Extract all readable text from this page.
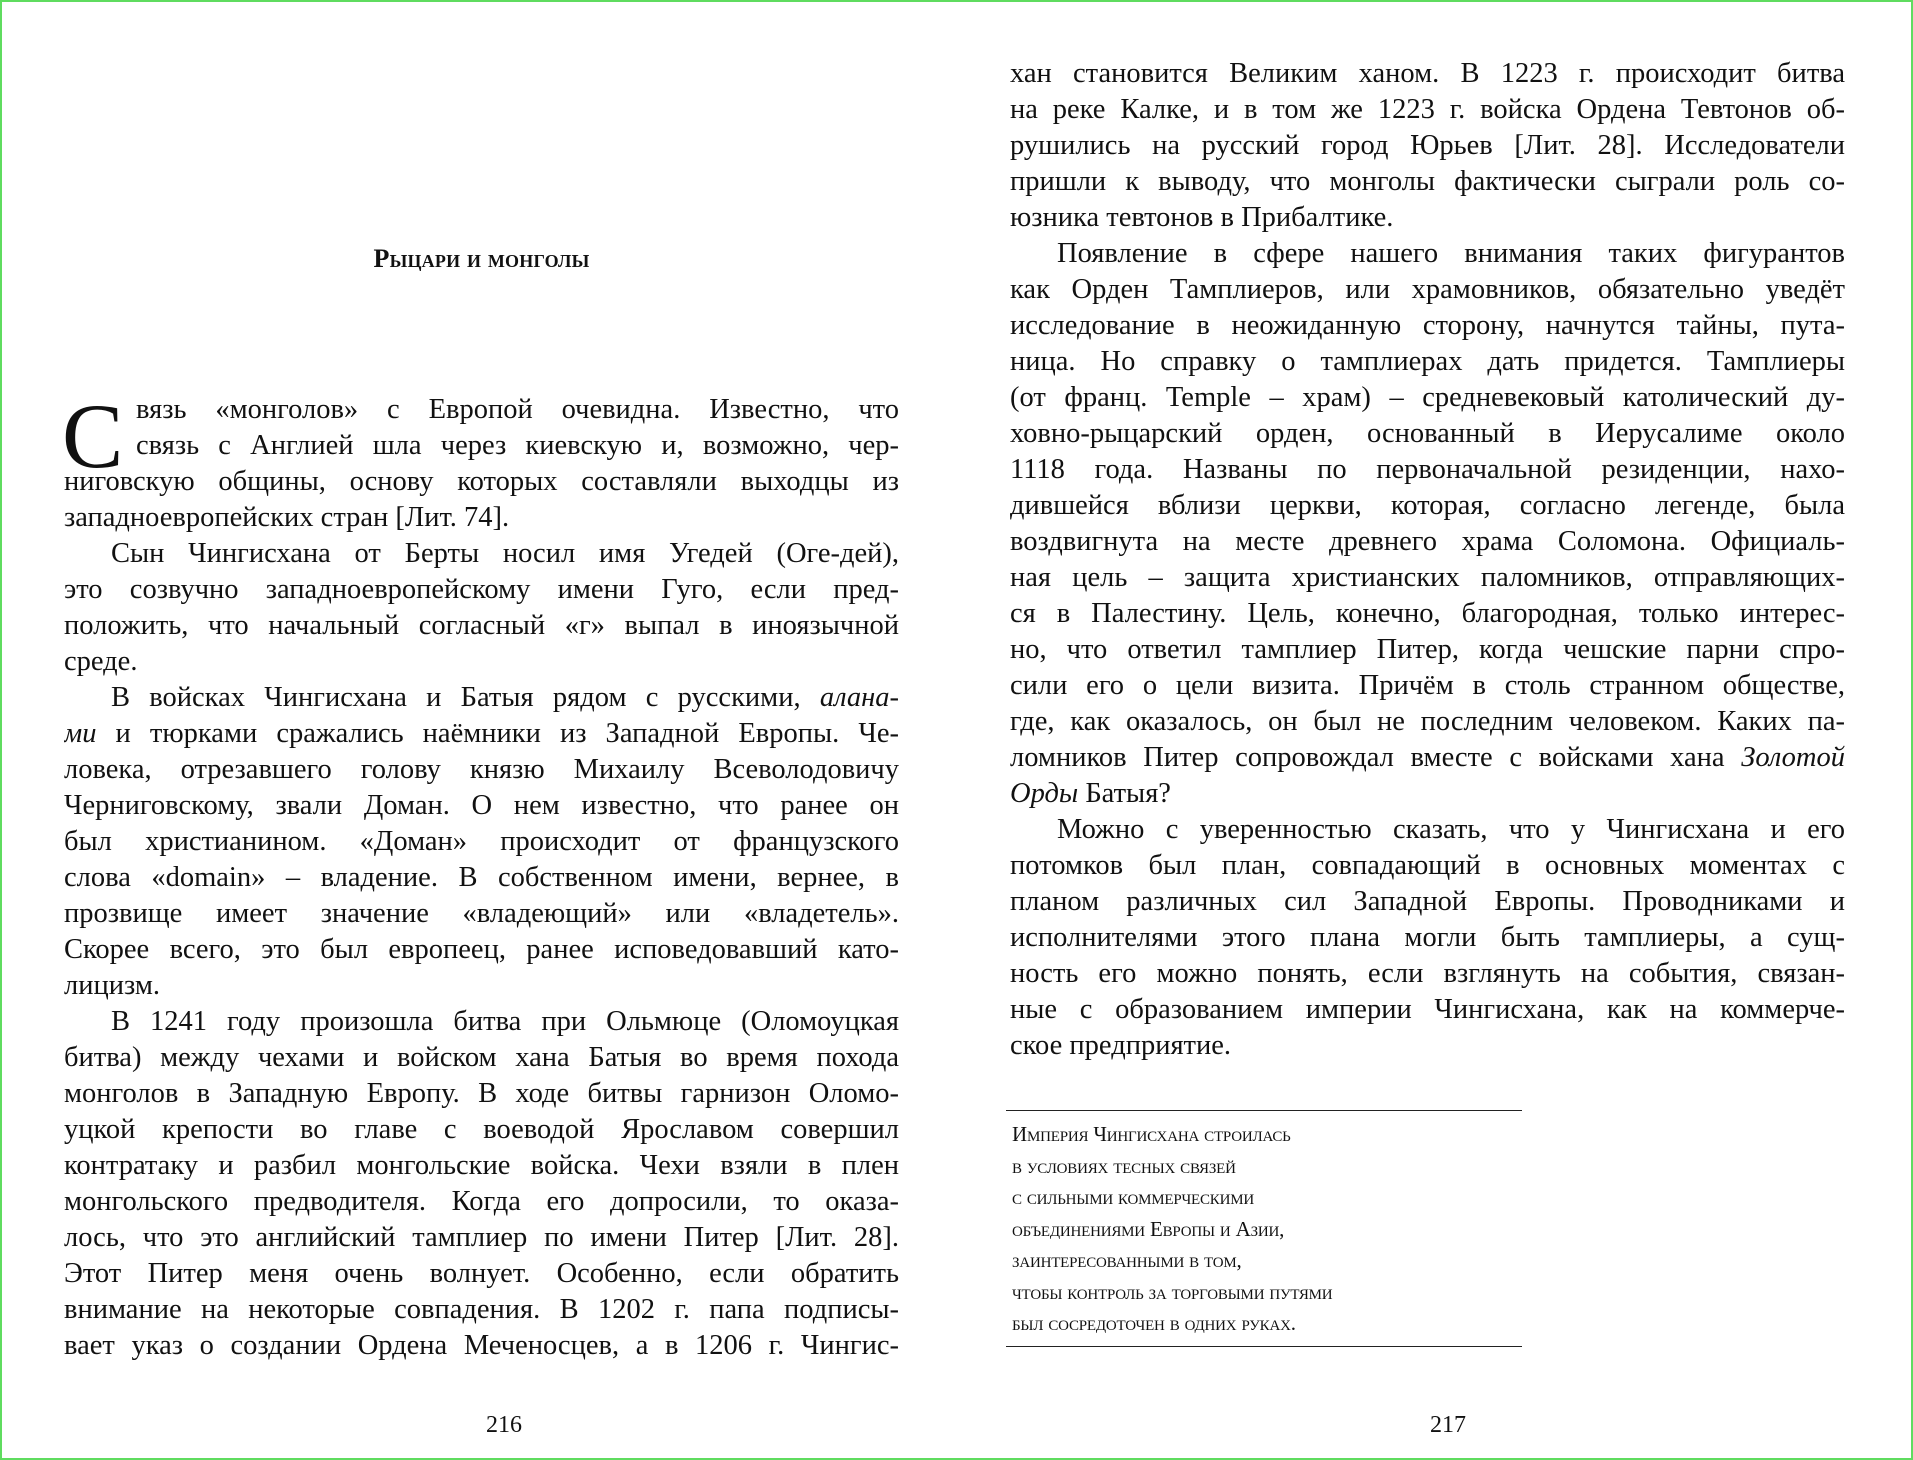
Рыцари и монголы
С вязь «монголов» с Европой очевидна. Известно, что
связь с Англией шла через киевскую и, возможно, чер-
ниговскую общины, основу которых составляли выходцы из
западноевропейских стран [Лит. 74].
Сын Чингисхана от Берты носил имя Угедей (Оге-дей),
это созвучно западноевропейскому имени Гуго, если пред-
положить, что начальный согласный «г» выпал в иноязычной
среде.
В войсках Чингисхана и Батыя рядом с русскими, алана-
ми и тюрками сражались наёмники из Западной Европы. Че-
ловека, отрезавшего голову князю Михаилу Всеволодовичу
Черниговскому, звали Доман. О нем известно, что ранее он
был христианином. «Доман» происходит от французского
слова «domain» – владение. В собственном имени, вернее, в
прозвище имеет значение «владеющий» или «владетель».
Скорее всего, это был европеец, ранее исповедовавший като-
лицизм.
В 1241 году произошла битва при Ольмюце (Оломоуцкая
битва) между чехами и войском хана Батыя во время похода
монголов в Западную Европу. В ходе битвы гарнизон Оломо-
уцкой крепости во главе с воеводой Ярославом совершил
контратаку и разбил монгольские войска. Чехи взяли в плен
монгольского предводителя. Когда его допросили, то оказа-
лось, что это английский тамплиер по имени Питер [Лит. 28].
Этот Питер меня очень волнует. Особенно, если обратить
внимание на некоторые совпадения. В 1202 г. папа подписы-
вает указ о создании Ордена Меченосцев, а в 1206 г. Чингис-
216
хан становится Великим ханом. В 1223 г. происходит битва
на реке Калке, и в том же 1223 г. войска Ордена Тевтонов об-
рушились на русский город Юрьев [Лит. 28]. Исследователи
пришли к выводу, что монголы фактически сыграли роль со-
юзника тевтонов в Прибалтике.
Появление в сфере нашего внимания таких фигурантов
как Орден Тамплиеров, или храмовников, обязательно уведёт
исследование в неожиданную сторону, начнутся тайны, пута-
ница. Но справку о тамплиерах дать придется. Тамплиеры
(от франц. Temple – храм) – средневековый католический ду-
ховно-рыцарский орден, основанный в Иерусалиме около
1118 года. Названы по первоначальной резиденции, нахо-
дившейся вблизи церкви, которая, согласно легенде, была
воздвигнута на месте древнего храма Соломона. Официаль-
ная цель – защита христианских паломников, отправляющих-
ся в Палестину. Цель, конечно, благородная, только интерес-
но, что ответил тамплиер Питер, когда чешские парни спро-
сили его о цели визита. Причём в столь странном обществе,
где, как оказалось, он был не последним человеком. Каких па-
ломников Питер сопровождал вместе с войсками хана Золотой
Орды Батыя?
Можно с уверенностью сказать, что у Чингисхана и его
потомков был план, совпадающий в основных моментах с
планом различных сил Западной Европы. Проводниками и
исполнителями этого плана могли быть тамплиеры, а сущ-
ность его можно понять, если взглянуть на события, связан-
ные с образованием империи Чингисхана, как на коммерче-
ское предприятие.
217
Империя Чингисхана строилась
в условиях тесных связей
с сильными коммерческими
объединениями Европы и Азии,
заинтересованными в том,
чтобы контроль за торговыми путями
был сосредоточен в одних руках.
